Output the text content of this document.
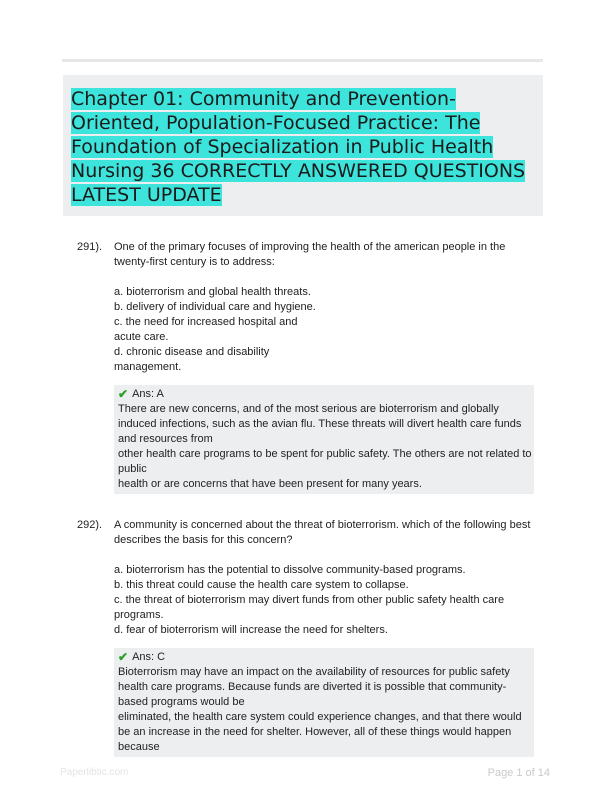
Chapter 01: Community and Prevention-Oriented, Population-Focused Practice: The Foundation of Specialization in Public Health Nursing 36 CORRECTLY ANSWERED QUESTIONS LATEST UPDATE
291). One of the primary focuses of improving the health of the american people in the twenty-first century is to address:

a. bioterrorism and global health threats.
b. delivery of individual care and hygiene.
c. the need for increased hospital and
acute care.
d. chronic disease and disability
management.
✔ Ans: A

There are new concerns, and of the most serious are bioterrorism and globally induced infections, such as the avian flu. These threats will divert health care funds and resources from

other health care programs to be spent for public safety. The others are not related to public

health or are concerns that have been present for many years.

292). A community is concerned about the threat of bioterrorism. which of the following best describes the basis for this concern?

a. bioterrorism has the potential to dissolve community-based programs.
b. this threat could cause the health care system to collapse.
c. the threat of bioterrorism may divert funds from other public safety health care programs.
d. fear of bioterrorism will increase the need for shelters.
✔ Ans: C

Bioterrorism may have an impact on the availability of resources for public safety health care programs. Because funds are diverted it is possible that community-based programs would be

eliminated, the health care system could experience changes, and that there would be an increase in the need for shelter. However, all of these things would happen because

Paperlibtic.com	Page 1 of 14
